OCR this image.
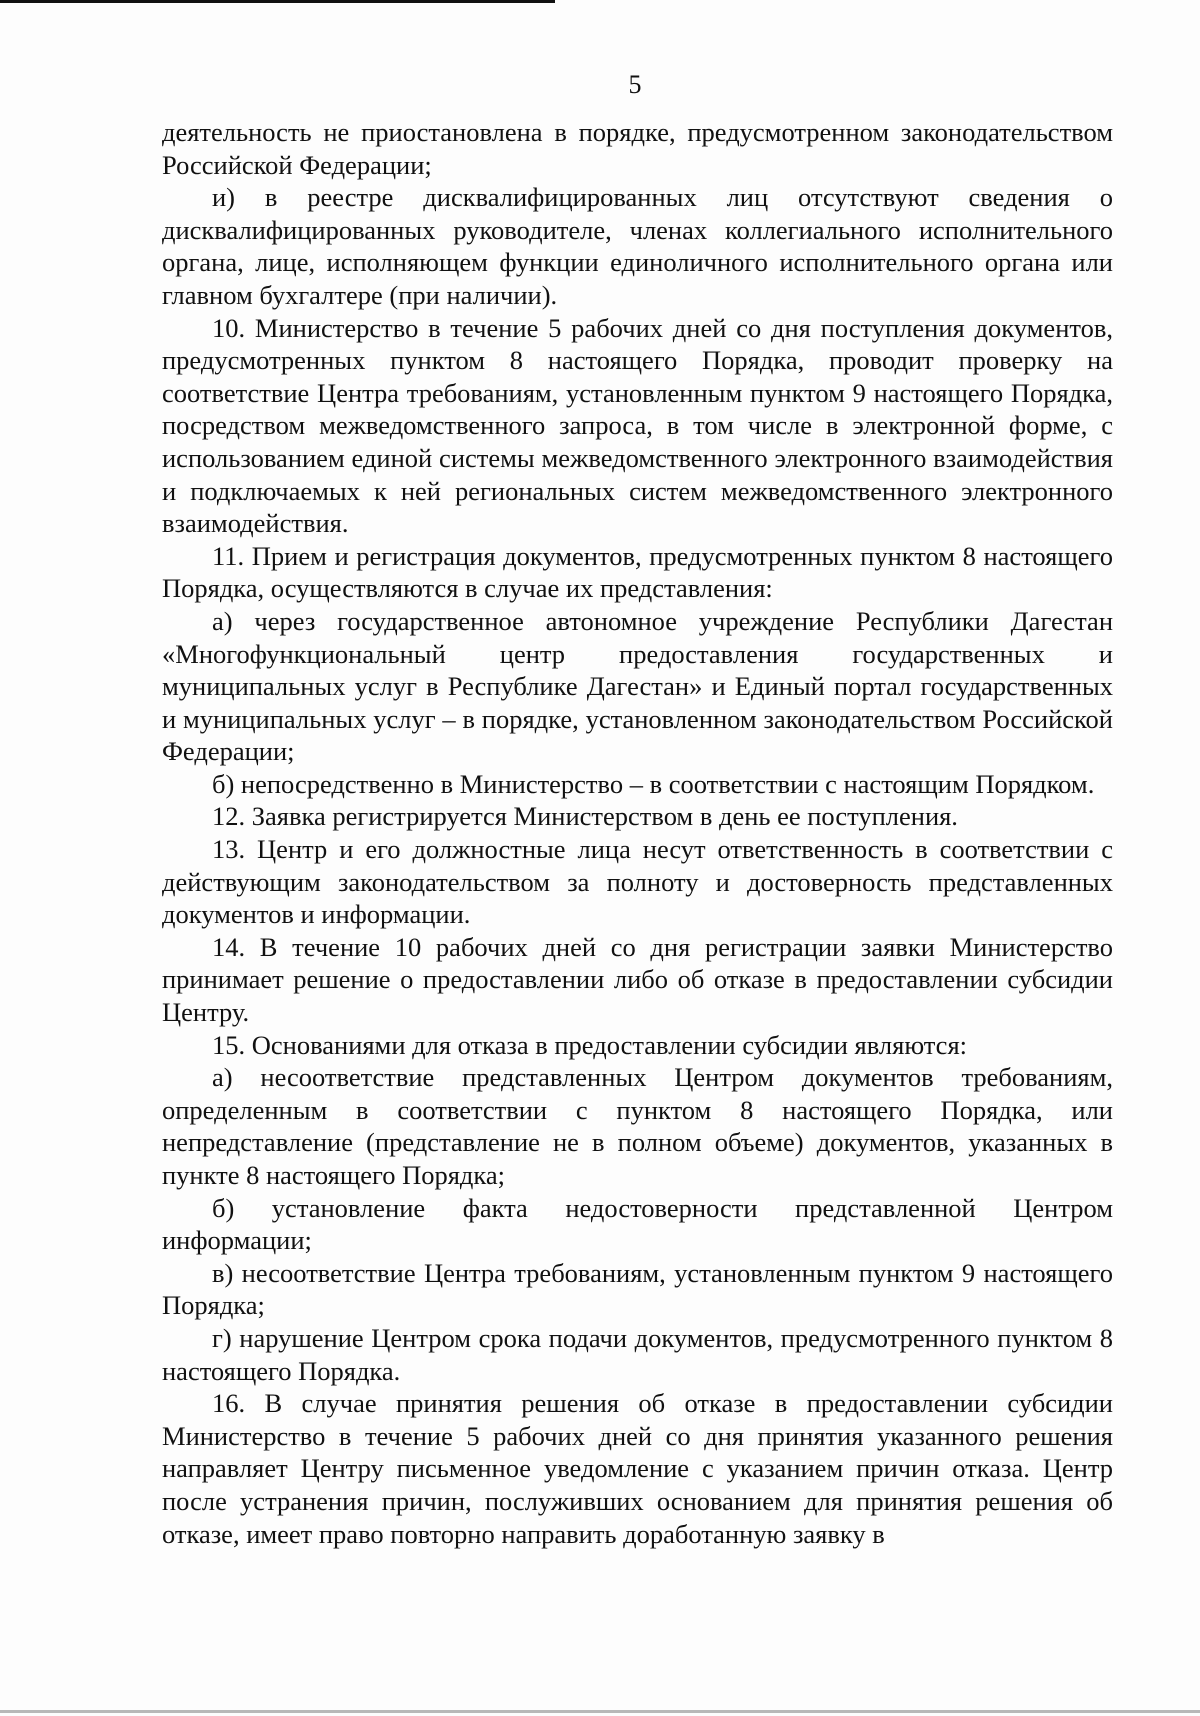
5

деятельность не приостановлена в порядке, предусмотренном законодательством Российской Федерации;

и) в реестре дисквалифицированных лиц отсутствуют сведения о дисквалифицированных руководителе, членах коллегиального исполнительного органа, лице, исполняющем функции единоличного исполнительного органа или главном бухгалтере (при наличии).

10. Министерство в течение 5 рабочих дней со дня поступления документов, предусмотренных пунктом 8 настоящего Порядка, проводит проверку на соответствие Центра требованиям, установленным пунктом 9 настоящего Порядка, посредством межведомственного запроса, в том числе в электронной форме, с использованием единой системы межведомственного электронного взаимодействия и подключаемых к ней региональных систем межведомственного электронного взаимодействия.

11. Прием и регистрация документов, предусмотренных пунктом 8 настоящего Порядка, осуществляются в случае их представления:

а) через государственное автономное учреждение Республики Дагестан «Многофункциональный центр предоставления государственных и муниципальных услуг в Республике Дагестан» и Единый портал государственных и муниципальных услуг – в порядке, установленном законодательством Российской Федерации;

б) непосредственно в Министерство – в соответствии с настоящим Порядком.

12. Заявка регистрируется Министерством в день ее поступления.

13. Центр и его должностные лица несут ответственность в соответствии с действующим законодательством за полноту и достоверность представленных документов и информации.

14. В течение 10 рабочих дней со дня регистрации заявки Министерство принимает решение о предоставлении либо об отказе в предоставлении субсидии Центру.

15. Основаниями для отказа в предоставлении субсидии являются:

а) несоответствие представленных Центром документов требованиям, определенным в соответствии с пунктом 8 настоящего Порядка, или непредставление (представление не в полном объеме) документов, указанных в пункте 8 настоящего Порядка;

б) установление факта недостоверности представленной Центром информации;

в) несоответствие Центра требованиям, установленным пунктом 9 настоящего Порядка;

г) нарушение Центром срока подачи документов, предусмотренного пунктом 8 настоящего Порядка.

16. В случае принятия решения об отказе в предоставлении субсидии Министерство в течение 5 рабочих дней со дня принятия указанного решения направляет Центру письменное уведомление с указанием причин отказа. Центр после устранения причин, послуживших основанием для принятия решения об отказе, имеет право повторно направить доработанную заявку в
